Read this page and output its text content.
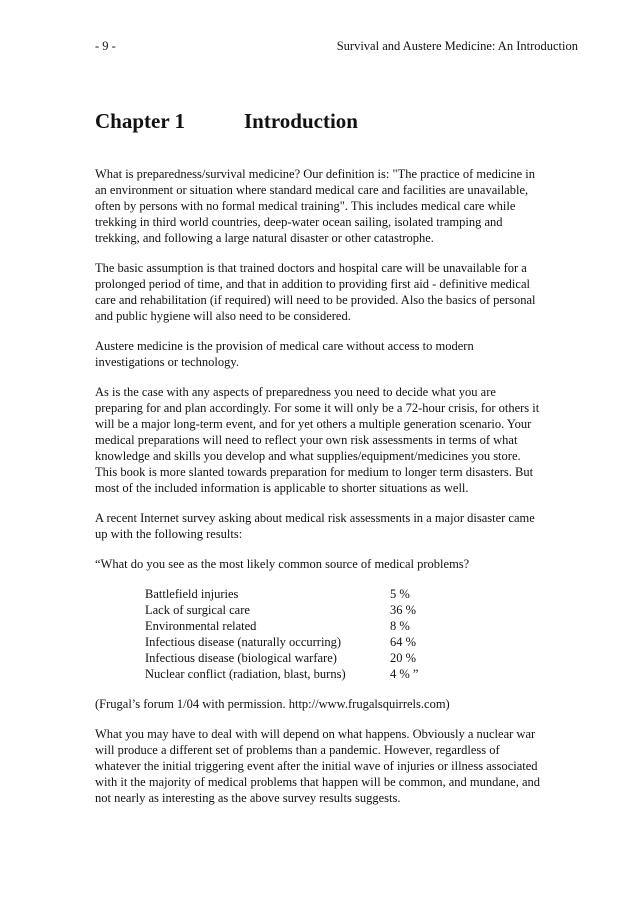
- 9 -	Survival and Austere Medicine: An Introduction
Chapter 1	Introduction

What is preparedness/survival medicine? Our definition is: "The practice of medicine in an environment or situation where standard medical care and facilities are unavailable, often by persons with no formal medical training". This includes medical care while trekking in third world countries, deep-water ocean sailing, isolated tramping and trekking, and following a large natural disaster or other catastrophe.

The basic assumption is that trained doctors and hospital care will be unavailable for a prolonged period of time, and that in addition to providing first aid - definitive medical care and rehabilitation (if required) will need to be provided. Also the basics of personal and public hygiene will also need to be considered.

Austere medicine is the provision of medical care without access to modern investigations or technology.

As is the case with any aspects of preparedness you need to decide what you are preparing for and plan accordingly. For some it will only be a 72-hour crisis, for others it will be a major long-term event, and for yet others a multiple generation scenario. Your medical preparations will need to reflect your own risk assessments in terms of what knowledge and skills you develop and what supplies/equipment/medicines you store. This book is more slanted towards preparation for medium to longer term disasters. But most of the included information is applicable to shorter situations as well.

A recent Internet survey asking about medical risk assessments in a major disaster came up with the following results:

“What do you see as the most likely common source of medical problems?

Battlefield injuries	5 %
Lack of surgical care	36 %
Environmental related	8 %
Infectious disease (naturally occurring)	64 %
Infectious disease (biological warfare)	20 %
Nuclear conflict (radiation, blast, burns)	4 % ”

(Frugal’s forum 1/04 with permission. http://www.frugalsquirrels.com)

What you may have to deal with will depend on what happens. Obviously a nuclear war will produce a different set of problems than a pandemic. However, regardless of whatever the initial triggering event after the initial wave of injuries or illness associated with it the majority of medical problems that happen will be common, and mundane, and not nearly as interesting as the above survey results suggests.
